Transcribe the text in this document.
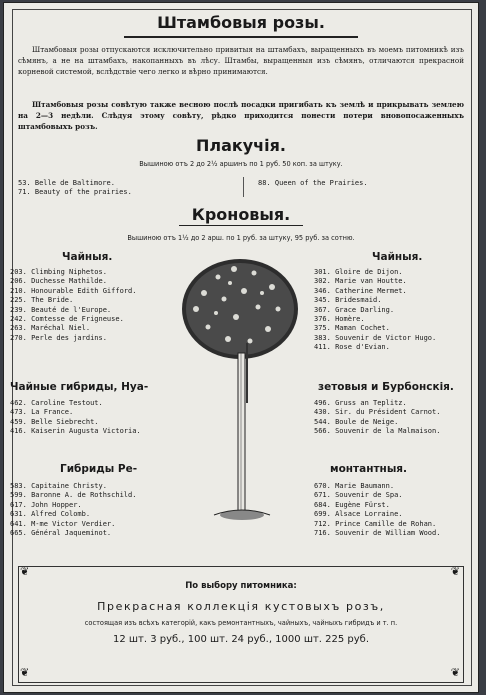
Штамбовыя розы.

Штамбовыя розы отпускаются исключительно привитыя на штамбахъ, выращенныхъ въ моемъ питомникѣ изъ сѣмянъ, а не на штамбахъ, накопанныхъ въ лѣсу. Штамбы, выращенныя изъ сѣмянъ, отличаются прекрасной корневой системой, вслѣдствіе чего легко и вѣрно принимаются.

Штамбовыя розы совѣтую также весною послѣ посадки пригибать къ землѣ и прикрывать землею на 2—3 недѣли. Слѣдуя этому совѣту, рѣдко приходится понести потери вновопосаженныхъ штамбовыхъ розъ.

Плакучія.
Вышиною отъ 2 до 2½ аршинъ по 1 руб. 50 коп. за штуку.
53. Belle de Baltimore.
71. Beauty of the prairies.
88. Queen of the Prairies.
Кроновыя.
Вышиною отъ 1½ до 2 арш. по 1 руб. за штуку, 95 руб. за сотню.
Чайныя.
203. Climbing Niphetos.
206. Duchesse Mathilde.
210. Honourable Edith Gifford.
225. The Bride.
239. Beauté de l'Europe.
242. Comtesse de Frigneuse.
263. Maréchal Niel.
270. Perle des jardins.
Чайныя.
301. Gloire de Dijon.
302. Marie van Houtte.
346. Catherine Mermet.
345. Bridesmaid.
367. Grace Darling.
376. Homère.
375. Maman Cochet.
383. Souvenir de Victor Hugo.
411. Rose d'Evian.
Чайные гибриды, Нуа-	зетовыя и Бурбонскія.
462. Caroline Testout.
473. La France.
459. Belle Siebrecht.
416. Kaiserin Augusta Victoria.
496. Gruss an Teplitz.
430. Sir. du Président Carnot.
544. Boule de Neige.
566. Souvenir de la Malmaison.
Гибриды Ре-	монтантныя.
583. Capitaine Christy.
599. Baronne A. de Rothschild.
617. John Hopper.
631. Alfred Colomb.
641. M-me Victor Verdier.
665. Général Jaqueminot.
670. Marie Baumann.
671. Souvenir de Spa.
684. Eugène Fürst.
699. Alsace Lorraine.
712. Prince Camille de Rohan.
716. Souvenir de William Wood.
❦	❦
❦	❦
По выбору питомника:
Прекрасная коллекція кустовыхъ розъ,
состоящая изъ всѣхъ категорій, какъ ремонтантныхъ, чайныхъ, чайныхъ гибридъ и т. п.
12 шт. 3 руб., 100 шт. 24 руб., 1000 шт. 225 руб.
